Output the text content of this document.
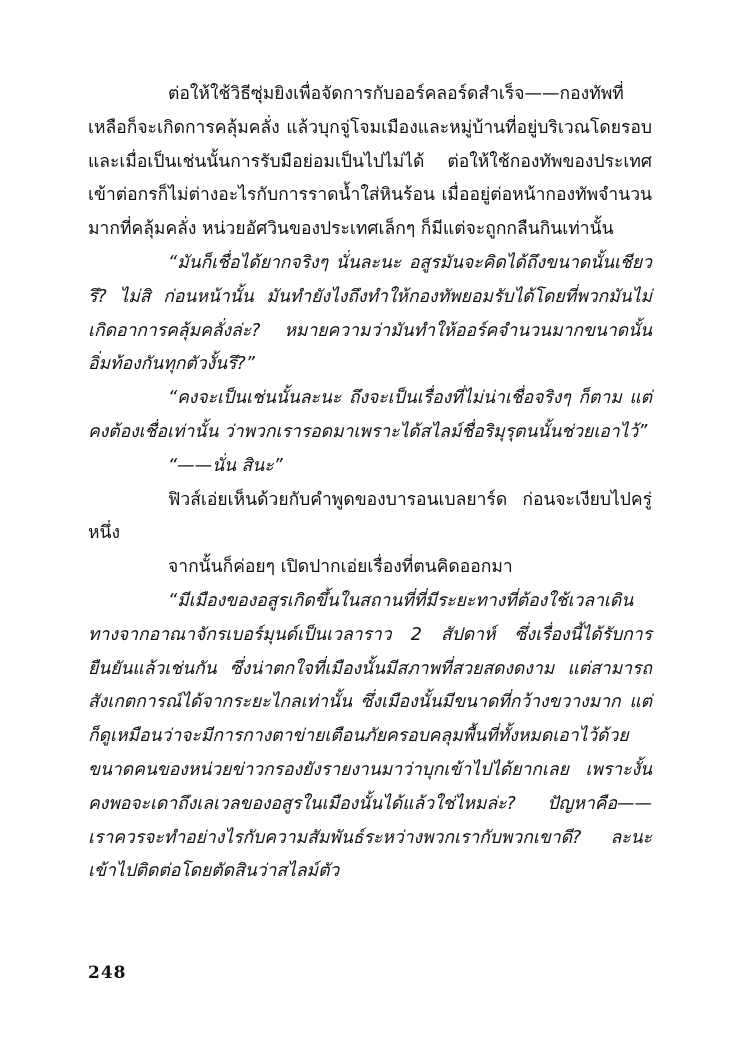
ต่อให้ใช้วิธีซุ่มยิงเพื่อจัดการกับออร์คลอร์ดสำเร็จ——กองทัพที่เหลือก็จะเกิดการคลุ้มคลั่ง แล้วบุกจู่โจมเมืองและหมู่บ้านที่อยู่บริเวณโดยรอบ และเมื่อเป็นเช่นนั้นการรับมือย่อมเป็นไปไม่ได้ ต่อให้ใช้กองทัพของประเทศเข้าต่อกรก็ไม่ต่างอะไรกับการราดน้ำใส่หินร้อน เมื่ออยู่ต่อหน้ากองทัพจำนวนมากที่คลุ้มคลั่ง หน่วยอัศวินของประเทศเล็กๆ ก็มีแต่จะถูกกลืนกินเท่านั้น

“มันก็เชื่อได้ยากจริงๆ นั่นละนะ อสูรมันจะคิดได้ถึงขนาดนั้นเชียวรึ? ไม่สิ ก่อนหน้านั้น มันทำยังไงถึงทำให้กองทัพยอมรับได้โดยที่พวกมันไม่เกิดอาการคลุ้มคลั่งล่ะ? หมายความว่ามันทำให้ออร์คจำนวนมากขนาดนั้นอิ่มท้องกันทุกตัวงั้นรึ?”

“คงจะเป็นเช่นนั้นละนะ ถึงจะเป็นเรื่องที่ไม่น่าเชื่อจริงๆ ก็ตาม แต่คงต้องเชื่อเท่านั้น ว่าพวกเรารอดมาเพราะได้สไลม์ชื่อริมุรุตนนั้นช่วยเอาไว้”

“——นั่น สินะ”

ฟิวส์เอ่ยเห็นด้วยกับคำพูดของบารอนเบลยาร์ด ก่อนจะเงียบไปครู่หนึ่ง

จากนั้นก็ค่อยๆ เปิดปากเอ่ยเรื่องที่ตนคิดออกมา

“มีเมืองของอสูรเกิดขึ้นในสถานที่ที่มีระยะทางที่ต้องใช้เวลาเดินทางจากอาณาจักรเบอร์มุนด์เป็นเวลาราว 2 สัปดาห์ ซึ่งเรื่องนี้ได้รับการยืนยันแล้วเช่นกัน ซึ่งน่าตกใจที่เมืองนั้นมีสภาพที่สวยสดงดงาม แต่สามารถสังเกตการณ์ได้จากระยะไกลเท่านั้น ซึ่งเมืองนั้นมีขนาดที่กว้างขวางมาก แต่ก็ดูเหมือนว่าจะมีการกางตาข่ายเตือนภัยครอบคลุมพื้นที่ทั้งหมดเอาไว้ด้วย ขนาดคนของหน่วยข่าวกรองยังรายงานมาว่าบุกเข้าไปได้ยากเลย เพราะงั้นคงพอจะเดาถึงเลเวลของอสูรในเมืองนั้นได้แล้วใช่ไหมล่ะ? ปัญหาคือ—— เราควรจะทำอย่างไรกับความสัมพันธ์ระหว่างพวกเรากับพวกเขาดี? ละนะ เข้าไปติดต่อโดยตัดสินว่าสไลม์ตัว

248
